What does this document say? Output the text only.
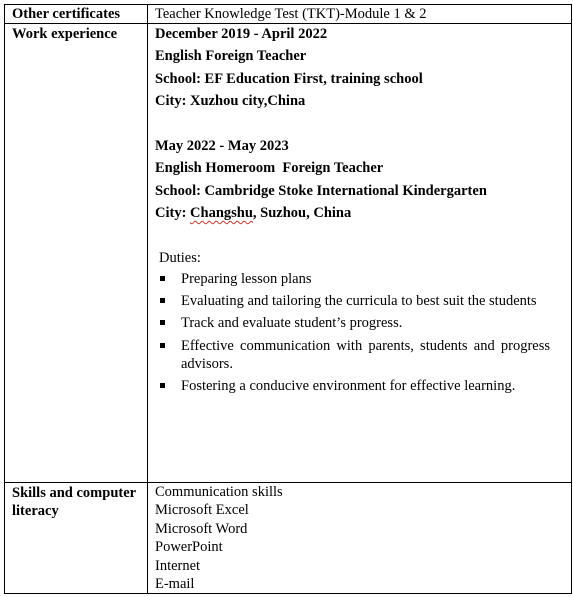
Other certificates	Teacher Knowledge Test (TKT)-Module 1 & 2
Work experience	December 2019 - April 2022
English Foreign Teacher
School: EF Education First, training school
City: Xuzhou city,China
May 2022 - May 2023
English Homeroom  Foreign Teacher
School: Cambridge Stoke International Kindergarten
City: Changshu, Suzhou, China
Duties:
Preparing lesson plans
Evaluating and tailoring the curricula to best suit the students
Track and evaluate student’s progress.
Effective communication with parents, students and progress advisors.
Fostering a conducive environment for effective learning.
Skills and computer literacy
Communication skills
Microsoft Excel
Microsoft Word
PowerPoint
Internet
E-mail
